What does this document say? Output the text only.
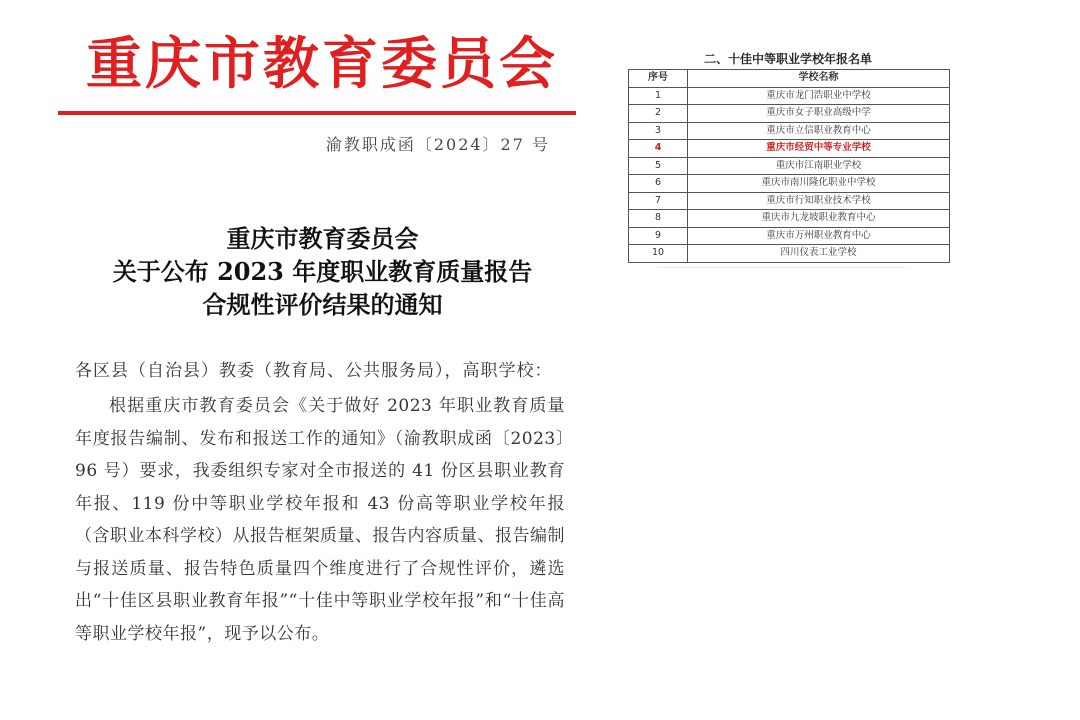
重庆市教育委员会
渝教职成函〔2024〕27 号
重庆市教育委员会
关于公布 2023 年度职业教育质量报告
合规性评价结果的通知
各区县（自治县）教委（教育局、公共服务局），高职学校：
根据重庆市教育委员会《关于做好 2023 年职业教育质量年度报告编制、发布和报送工作的通知》（渝教职成函〔2023〕96 号）要求，我委组织专家对全市报送的 41 份区县职业教育年报、119 份中等职业学校年报和 43 份高等职业学校年报（含职业本科学校）从报告框架质量、报告内容质量、报告编制与报送质量、报告特色质量四个维度进行了合规性评价，遴选出“十佳区县职业教育年报”“十佳中等职业学校年报”和“十佳高等职业学校年报”，现予以公布。
二、十佳中等职业学校年报名单
序号	学校名称
1	重庆市龙门浩职业中学校
2	重庆市女子职业高级中学
3	重庆市立信职业教育中心
4	重庆市经贸中等专业学校
5	重庆市江南职业学校
6	重庆市南川隆化职业中学校
7	重庆市行知职业技术学校
8	重庆市九龙坡职业教育中心
9	重庆市万州职业教育中心
10	四川仪表工业学校
